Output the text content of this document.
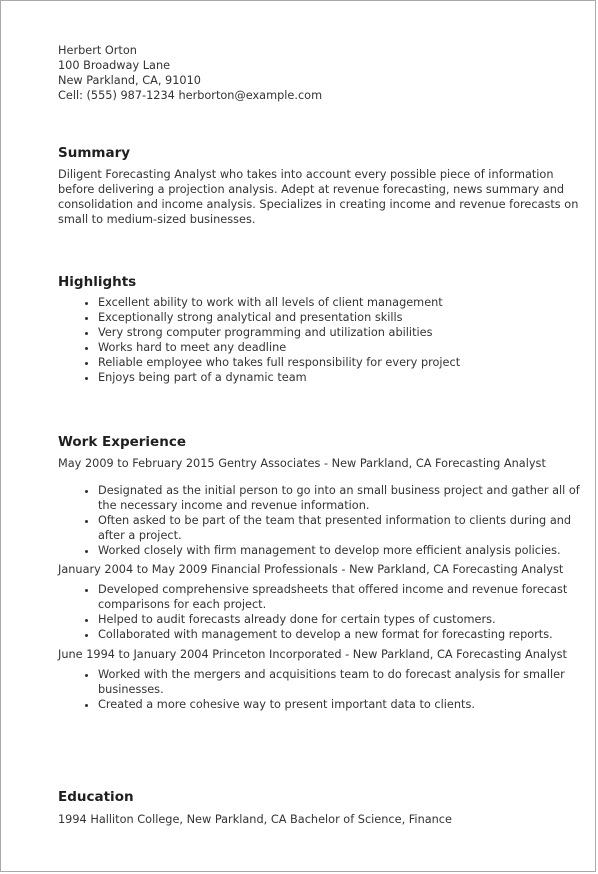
Herbert Orton
100 Broadway Lane
New Parkland, CA, 91010
Cell: (555) 987-1234 herborton@example.com
Summary

Diligent Forecasting Analyst who takes into account every possible piece of information before delivering a projection analysis. Adept at revenue forecasting, news summary and consolidation and income analysis. Specializes in creating income and revenue forecasts on small to medium-sized businesses.

Highlights
• Excellent ability to work with all levels of client management
• Exceptionally strong analytical and presentation skills
• Very strong computer programming and utilization abilities
• Works hard to meet any deadline
• Reliable employee who takes full responsibility for every project
• Enjoys being part of a dynamic team
Work Experience

May 2009 to February 2015 Gentry Associates - New Parkland, CA Forecasting Analyst

• Designated as the initial person to go into an small business project and gather all of the necessary income and revenue information.
• Often asked to be part of the team that presented information to clients during and after a project.
• Worked closely with firm management to develop more efficient analysis policies.

January 2004 to May 2009 Financial Professionals - New Parkland, CA Forecasting Analyst

• Developed comprehensive spreadsheets that offered income and revenue forecast comparisons for each project.
• Helped to audit forecasts already done for certain types of customers.
• Collaborated with management to develop a new format for forecasting reports.

June 1994 to January 2004 Princeton Incorporated - New Parkland, CA Forecasting Analyst

• Worked with the mergers and acquisitions team to do forecast analysis for smaller businesses.
• Created a more cohesive way to present important data to clients.
Education

1994 Halliton College, New Parkland, CA Bachelor of Science, Finance
